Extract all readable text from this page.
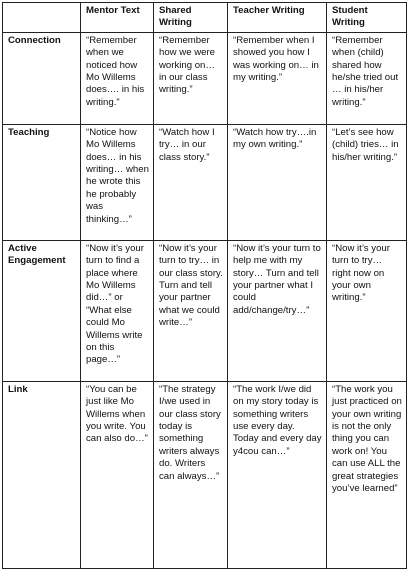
	Mentor Text	Shared Writing	Teacher Writing	Student Writing
Connection	“Remember when we noticed how Mo Willems does…. in his writing.”	“Remember how we were working on… in our class writing.”	“Remember when I showed you how I was working on… in my writing.”	“Remember when (child) shared how he/she tried out … in his/her writing.”
Teaching	“Notice how Mo Willems does… in his writing… when he wrote this he probably was thinking…”	“Watch how I try… in our class story.”	“Watch how try….in my own writing.”	“Let’s see how (child) tries… in his/her writing.”
Active Engagement	“Now it’s your turn to find a place where Mo Willems did…” or “What else could Mo Willems write on this page…”	“Now it’s your turn to try… in our class story. Turn and tell your partner what we could write…”	“Now it’s your turn to help me with my story… Turn and tell your partner what I could add/change/try…”	“Now it’s your turn to try… right now on your own writing.”
Link	“You can be just like Mo Willems when you write. You can also do…”	“The strategy I/we used in our class story today is something writers always do. Writers can always…”	“The work I/we did on my story today is something writers use every day. Today and every day y4cou can…”	“The work you just practiced on your own writing is not the only thing you can work on! You can use ALL the great strategies you’ve learned”
